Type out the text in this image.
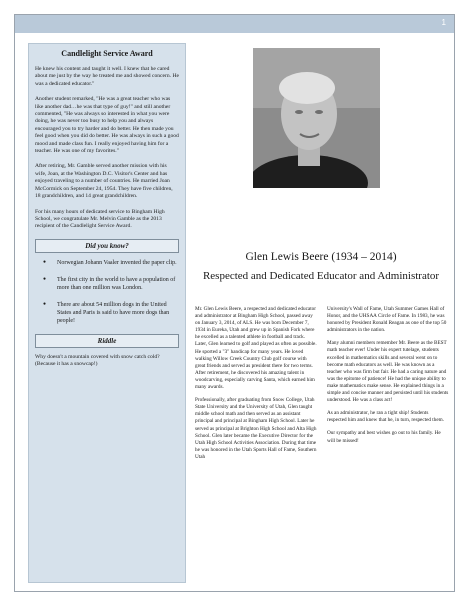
1
Candlelight Service Award

He knew his content and taught it well. I knew that he cared about me just by the way he treated me and showed concern. He was a dedicated educator."

Another student remarked, "He was a great teacher who was like another dad…he was that type of guy!" and still another commented, "He was always so interested in what you were doing, he was never too busy to help you and always encouraged you to try harder and do better. He then made you feel good when you did do better. He was always in such a good mood and made class fun. I really enjoyed having him for a teacher. He was one of my favorites."

After retiring, Mr. Gamble served another mission with his wife, Joan, at the Washington D.C. Visitor's Center and has enjoyed traveling to a number of countries. He married Joan McCormick on September 24, 1954. They have five children, 18 grandchildren, and 14 great grandchildren.

For his many hours of dedicated service to Bingham High School, we congratulate Mr. Melvin Gamble as the 2013 recipient of the Candlelight Service Award.

Did you know?
● Norwegian Johann Vaaler invented the paper clip.
● The first city in the world to have a population of more than one million was London.
● There are about 54 million dogs in the United States and Paris is said to have more dogs than people!
Riddle

Why doesn't a mountain covered with snow catch cold? (Because it has a snowcap!)

Glen Lewis Beere (1934 – 2014)
Respected and Dedicated Educator and Administrator

Mr. Glen Lewis Beere, a respected and dedicated educator and administrator at Bingham High School, passed away on January 3, 2014, of ALS. He was born December 7, 1934 in Eureka, Utah and grew up in Spanish Fork where he excelled as a talented athlete in football and track. Later, Glen learned to golf and played as often as possible. He sported a "3" handicap for many years. He loved walking Willow Creek Country Club golf course with great friends and served as president there for two terms. After retirement, he discovered his amazing talent in woodcarving, especially carving Santa, which earned him many awards.

Professionally, after graduating from Snow College, Utah State University and the University of Utah, Glen taught middle school math and then served as an assistant principal and principal at Bingham High School. Later he served as principal at Brighton High School and Alta High School. Glen later became the Executive Director for the Utah High School Activities Association. During that time he was honored in the Utah Sports Hall of Fame, Southern Utah

University's Wall of Fame, Utah Summer Games Hall of Honor, and the UHSAA Circle of Fame. In 1983, he was honored by President Ronald Reagan as one of the top 50 administrators in the nation.

Many alumni members remember Mr. Beere as the BEST math teacher ever! Under his expert tutelage, students excelled in mathematics skills and several went on to become math educators as well. He was known as a teacher who was firm but fair. He had a caring nature and was the epitome of patience! He had the unique ability to make mathematics make sense. He explained things in a simple and concise manner and persisted until his students understood. He was a class act!

As an administrator, he ran a tight ship! Students respected him and knew that he, in turn, respected them.

Our sympathy and best wishes go out to his family. He will be missed!
